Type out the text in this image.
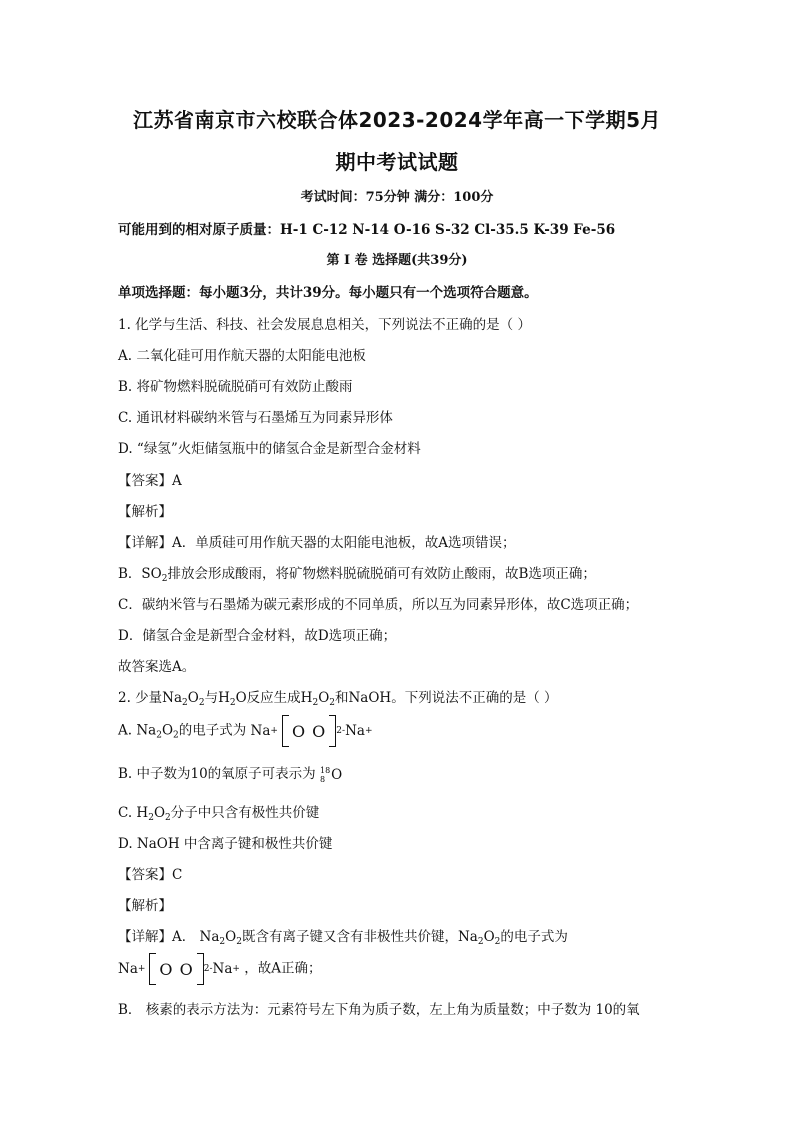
江苏省南京市六校联合体2023-2024学年高一下学期5月
期中考试试题
考试时间：75分钟 满分：100分
可能用到的相对原子质量：H-1 C-12 N-14 O-16 S-32 Cl-35.5 K-39 Fe-56
第 I 卷 选择题(共39分)
单项选择题：每小题3分，共计39分。每小题只有一个选项符合题意。
1. 化学与生活、科技、社会发展息息相关，下列说法不正确的是（ ）
A. 二氧化硅可用作航天器的太阳能电池板
B. 将矿物燃料脱硫脱硝可有效防止酸雨
C. 通讯材料碳纳米管与石墨烯互为同素异形体
D. “绿氢”火炬储氢瓶中的储氢合金是新型合金材料
【答案】A
【解析】
【详解】A．单质硅可用作航天器的太阳能电池板，故A选项错误；
B．$SO_2$排放会形成酸雨，将矿物燃料脱硫脱硝可有效防止酸雨，故B选项正确；
C．碳纳米管与石墨烯为碳元素形成的不同单质，所以互为同素异形体，故C选项正确；
D．储氢合金是新型合金材料，故D选项正确；
故答案选A。
2. 少量$Na_2O_2$与$H_2O$反应生成$H_2O_2$和NaOH。下列说法不正确的是（ ）
A. $Na_2O_2$的电子式为 Na + O O	2- Na +
B. 中子数为10的氧原子可表示为 18
8 O
C. $H_2O_2$分子中只含有极性共价键
D. NaOH 中含离子键和极性共价键
【答案】C
【解析】
【详解】A． $Na_2O_2$既含有离子键又含有非极性共价键，$Na_2O_2$的电子式为
Na + O O	2- Na + ，故A正确；
B． 核素的表示方法为：元素符号左下角为质子数，左上角为质量数；中子数为 10的氧
